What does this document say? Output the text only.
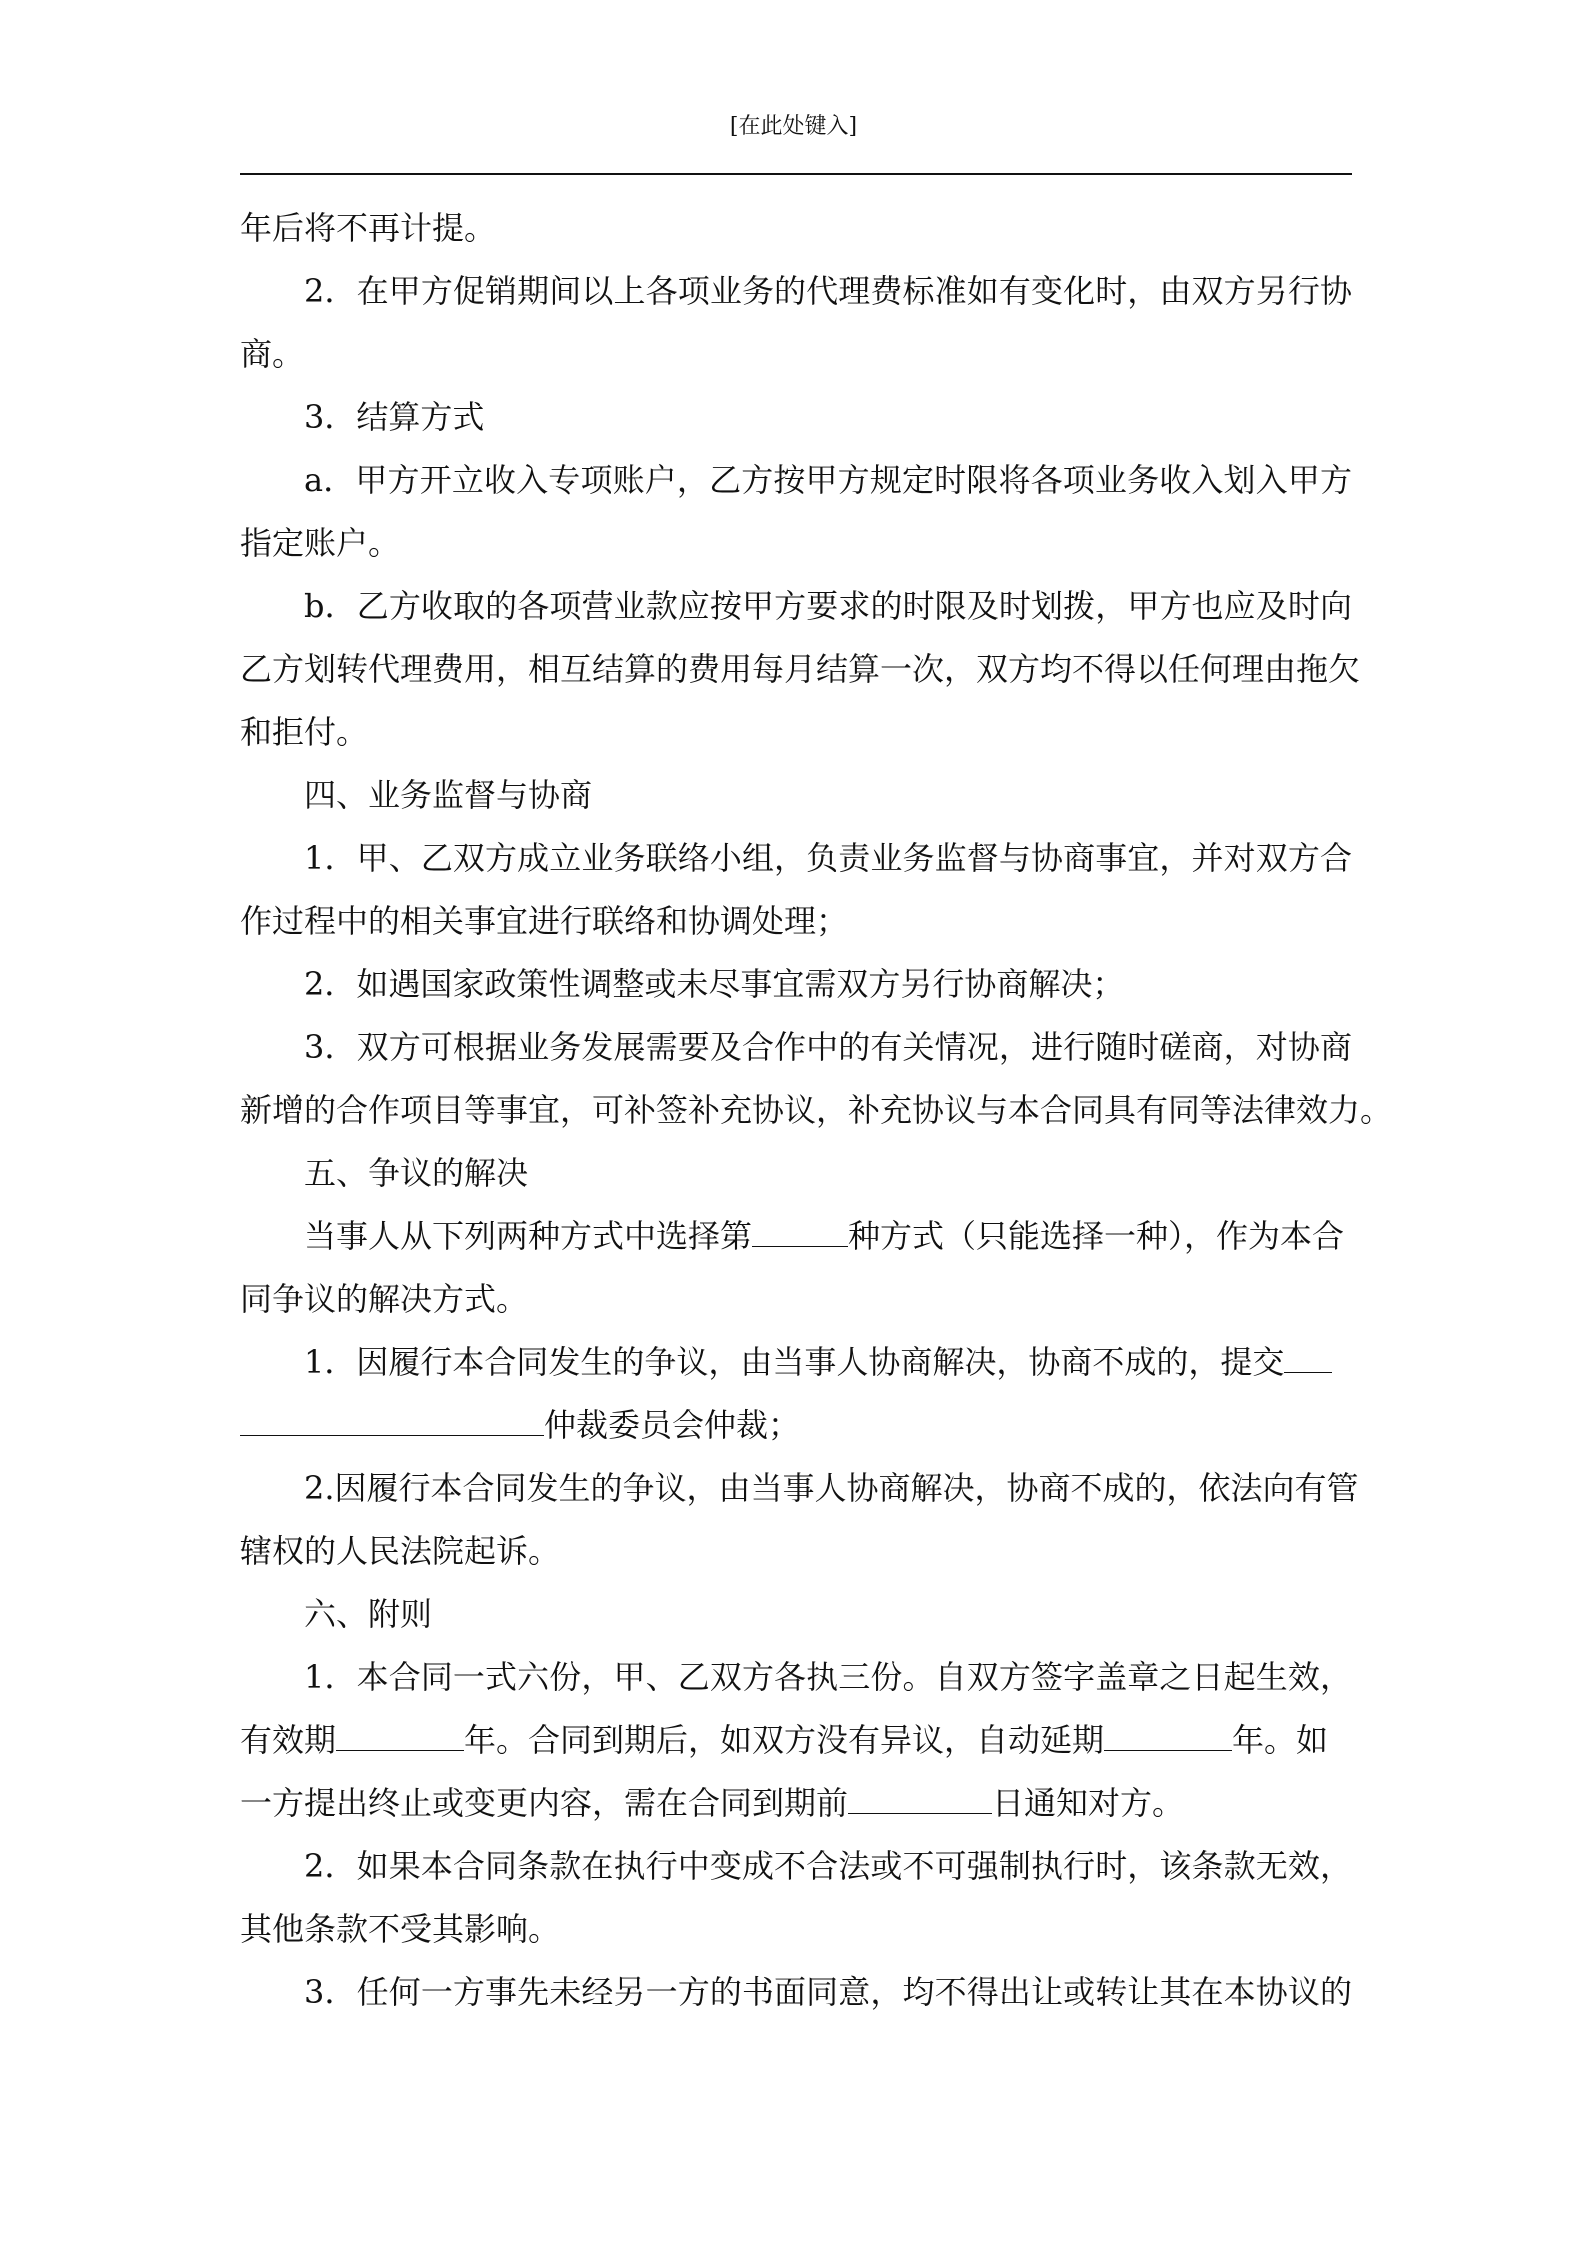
[在此处键入]
年后将不再计提。
2．在甲方促销期间以上各项业务的代理费标准如有变化时，由双方另行协
商。
3．结算方式
a．甲方开立收入专项账户，乙方按甲方规定时限将各项业务收入划入甲方
指定账户。
b．乙方收取的各项营业款应按甲方要求的时限及时划拨，甲方也应及时向
乙方划转代理费用，相互结算的费用每月结算一次，双方均不得以任何理由拖欠
和拒付。
四、业务监督与协商
1．甲、乙双方成立业务联络小组，负责业务监督与协商事宜，并对双方合
作过程中的相关事宜进行联络和协调处理；
2．如遇国家政策性调整或未尽事宜需双方另行协商解决；
3．双方可根据业务发展需要及合作中的有关情况，进行随时磋商，对协商
新增的合作项目等事宜，可补签补充协议，补充协议与本合同具有同等法律效力。
五、争议的解决
当事人从下列两种方式中选择第	种方式（只能选择一种），作为本合
同争议的解决方式。
1．因履行本合同发生的争议，由当事人协商解决，协商不成的，提交
仲裁委员会仲裁；
2.因履行本合同发生的争议，由当事人协商解决，协商不成的，依法向有管
辖权的人民法院起诉。
六、附则
1．本合同一式六份，甲、乙双方各执三份。自双方签字盖章之日起生效，
有效期	年。合同到期后，如双方没有异议，自动延期	年。如
一方提出终止或变更内容，需在合同到期前	日通知对方。
2．如果本合同条款在执行中变成不合法或不可强制执行时，该条款无效，
其他条款不受其影响。
3．任何一方事先未经另一方的书面同意，均不得出让或转让其在本协议的
